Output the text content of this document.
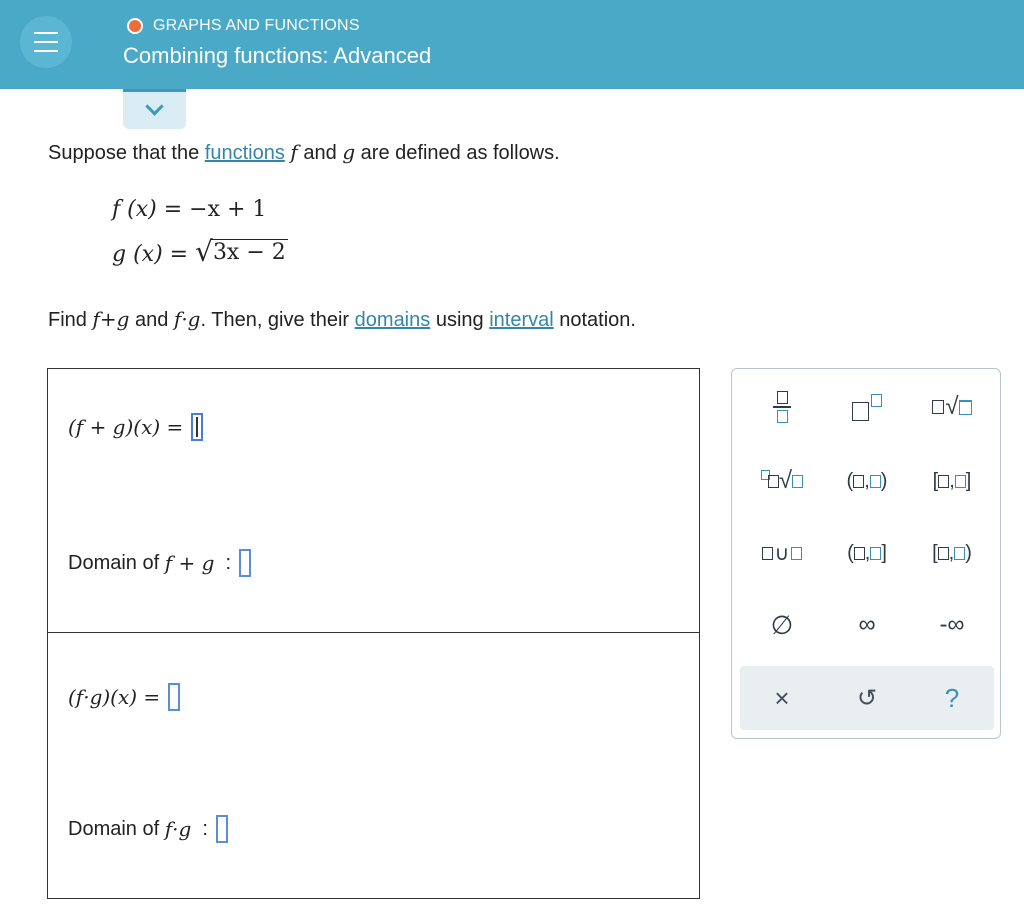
GRAPHS AND FUNCTIONS
Combining functions: Advanced
Suppose that the functions f and g are defined as follows.
f (x) = −x + 1
g (x) = √ 3x − 2
Find f+g and f·g. Then, give their domains using interval notation.
(f + g)(x) =
Domain of
f + g
:
(f·g)(x) =
Domain of
f·g
:
√
√	( , ) [ , ]
∪	( , ] [ , )
∅	∞	-∞
×	↺	?
